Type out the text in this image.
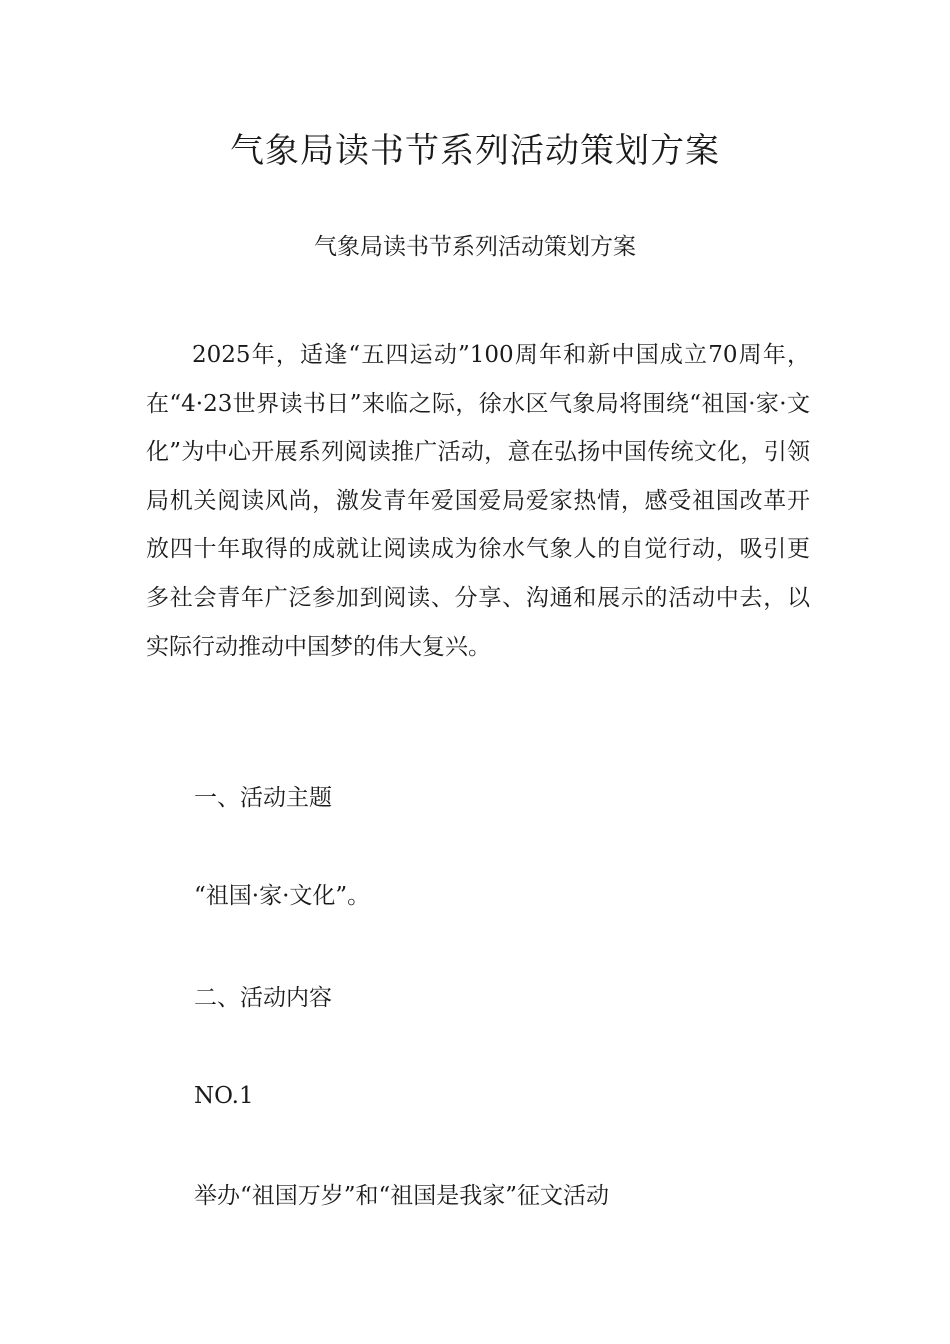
气象局读书节系列活动策划方案

气象局读书节系列活动策划方案

2025年，适逢“五四运动”100周年和新中国成立70周年，在“4·23世界读书日”来临之际，徐水区气象局将围绕“祖国·家·文化”为中心开展系列阅读推广活动，意在弘扬中国传统文化，引领局机关阅读风尚，激发青年爱国爱局爱家热情，感受祖国改革开放四十年取得的成就让阅读成为徐水气象人的自觉行动，吸引更多社会青年广泛参加到阅读、分享、沟通和展示的活动中去，以实际行动推动中国梦的伟大复兴。

一、活动主题

“祖国·家·文化”。

二、活动内容

NO.1

举办“祖国万岁”和“祖国是我家”征文活动
